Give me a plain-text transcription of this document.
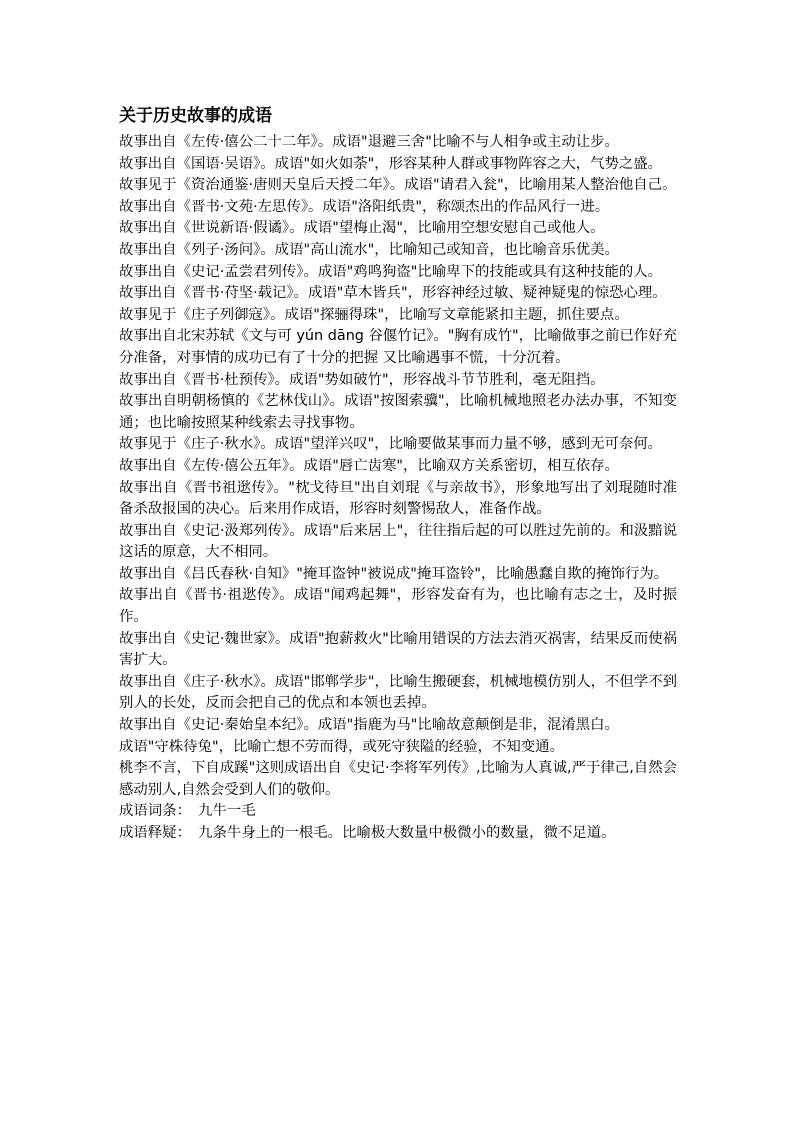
关于历史故事的成语

故事出自《左传·僖公二十二年》。成语"退避三舍"比喻不与人相争或主动让步。

故事出自《国语·吴语》。成语"如火如荼"，形容某种人群或事物阵容之大，气势之盛。

故事见于《资治通鉴·唐则天皇后天授二年》。成语"请君入瓮"，比喻用某人整治他自己。

故事出自《晋书·文苑·左思传》。成语"洛阳纸贵"，称颂杰出的作品风行一进。

故事出自《世说新语·假谲》。成语"望梅止渴"，比喻用空想安慰自己或他人。

故事出自《列子·汤问》。成语"高山流水"，比喻知己或知音，也比喻音乐优美。

故事出自《史记·孟尝君列传》。成语"鸡鸣狗盗"比喻卑下的技能或具有这种技能的人。

故事出自《晋书·苻坚·载记》。成语"草木皆兵"，形容神经过敏、疑神疑鬼的惊恐心理。

故事见于《庄子列御寇》。成语"探骊得珠"，比喻写文章能紧扣主题，抓住要点。

故事出自北宋苏轼《文与可 yún dāng 谷偃竹记》。"胸有成竹"，比喻做事之前已作好充分准备，对事情的成功已有了十分的把握 又比喻遇事不慌，十分沉着。

故事出自《晋书·杜预传》。成语"势如破竹"，形容战斗节节胜利，毫无阻挡。

故事出自明朝杨慎的《艺林伐山》。成语"按图索骥"，比喻机械地照老办法办事，不知变通；也比喻按照某种线索去寻找事物。

故事见于《庄子·秋水》。成语"望洋兴叹"，比喻要做某事而力量不够，感到无可奈何。

故事出自《左传·僖公五年》。成语"唇亡齿寒"，比喻双方关系密切，相互依存。

故事出自《晋书祖逖传》。"枕戈待旦"出自刘琨《与亲故书》，形象地写出了刘琨随时准备杀敌报国的决心。后来用作成语，形容时刻警惕敌人，准备作战。

故事出自《史记·汲郑列传》。成语"后来居上"，往往指后起的可以胜过先前的。和汲黯说这话的原意，大不相同。

故事出自《吕氏春秋·自知》"掩耳盗钟"被说成"掩耳盗铃"，比喻愚蠢自欺的掩饰行为。

故事出自《晋书·祖逖传》。成语"闻鸡起舞"，形容发奋有为，也比喻有志之士，及时振作。

故事出自《史记·魏世家》。成语"抱薪救火"比喻用错误的方法去消灭祸害，结果反而使祸害扩大。

故事出自《庄子·秋水》。成语"邯郸学步"，比喻生搬硬套，机械地模仿别人，不但学不到别人的长处，反而会把自己的优点和本领也丢掉。

故事出自《史记·秦始皇本纪》。成语"指鹿为马"比喻故意颠倒是非，混淆黑白。

成语"守株待兔"，比喻亡想不劳而得，或死守狭隘的经验，不知变通。

桃李不言，下自成蹊"这则成语出自《史记·李将军列传》,比喻为人真诚,严于律己,自然会感动别人,自然会受到人们的敬仰。

成语词条：　九牛一毛

成语释疑：　九条牛身上的一根毛。比喻极大数量中极微小的数量，微不足道。
